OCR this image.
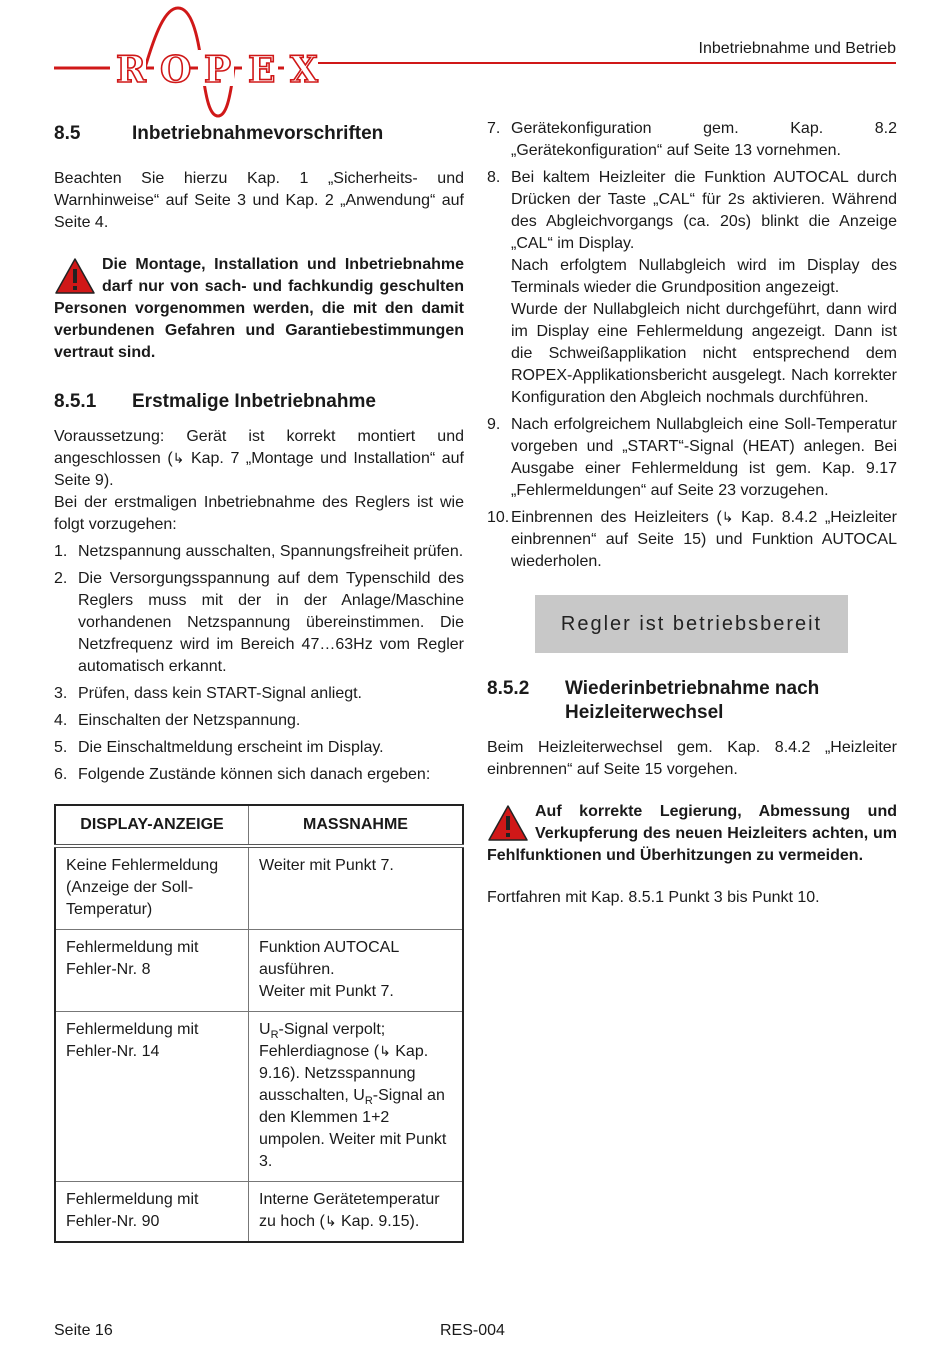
R O P E X
Inbetriebnahme und Betrieb
8.5	Inbetriebnahmevorschriften

Beachten Sie hierzu Kap. 1 „Sicherheits- und Warnhinweise“ auf Seite 3 und Kap. 2 „Anwendung“ auf Seite 4.

Die Montage, Installation und Inbetriebnahme darf nur von sach- und fachkundig geschulten Personen vorgenommen werden, die mit den damit verbundenen Gefahren und Garantiebestimmungen vertraut sind.

8.5.1	Erstmalige Inbetriebnahme

Voraussetzung: Gerät ist korrekt montiert und angeschlossen (↳ Kap. 7 „Montage und Installation“ auf Seite 9).

Bei der erstmaligen Inbetriebnahme des Reglers ist wie folgt vorzugehen:

1. Netzspannung ausschalten, Spannungsfreiheit prüfen.
2. Die Versorgungsspannung auf dem Typenschild des Reglers muss mit der in der Anlage/Maschine vorhandenen Netzspannung übereinstimmen. Die Netzfrequenz wird im Bereich 47…63Hz vom Regler automatisch erkannt.
3. Prüfen, dass kein START-Signal anliegt.
4. Einschalten der Netzspannung.
5. Die Einschaltmeldung erscheint im Display.
6. Folgende Zustände können sich danach ergeben:
DISPLAY-ANZEIGE	MASSNAHME
Keine Fehlermeldung (Anzeige der Soll- Temperatur)	Weiter mit Punkt 7.
Fehlermeldung mit Fehler-Nr. 8	Funktion AUTOCAL ausführen.
Weiter mit Punkt 7.
Fehlermeldung mit Fehler-Nr. 14	$U_R$-Signal verpolt; Fehlerdiagnose (↳ Kap. 9.16). Netzsspannung ausschalten, $U_R$-Signal an den Klemmen 1+2 umpolen. Weiter mit Punkt 3.
Fehlermeldung mit Fehler-Nr. 90	Interne Gerätetemperatur zu hoch (↳ Kap. 9.15).
7. Gerätekonfiguration gem. Kap. 8.2 „Gerätekonfiguration“ auf Seite 13 vornehmen.
8. Bei kaltem Heizleiter die Funktion AUTOCAL durch Drücken der Taste „CAL“ für 2s aktivieren. Während des Abgleichvorgangs (ca. 20s) blinkt die Anzeige „CAL“ im Display.

Nach erfolgtem Nullabgleich wird im Display des Terminals wieder die Grundposition angezeigt.

Wurde der Nullabgleich nicht durchgeführt, dann wird im Display eine Fehlermeldung angezeigt. Dann ist die Schweißapplikation nicht entsprechend dem ROPEX-Applikationsbericht ausgelegt. Nach korrekter Konfiguration den Abgleich nochmals durchführen.

9. Nach erfolgreichem Nullabgleich eine Soll-Temperatur vorgeben und „START“-Signal (HEAT) anlegen. Bei Ausgabe einer Fehlermeldung ist gem. Kap. 9.17 „Fehlermeldungen“ auf Seite 23 vorzugehen.
10. Einbrennen des Heizleiters (↳ Kap. 8.4.2 „Heizleiter einbrennen“ auf Seite 15) und Funktion AUTOCAL wiederholen.
Regler ist betriebsbereit
8.5.2	Wiederinbetriebnahme nach Heizleiterwechsel

Beim Heizleiterwechsel gem. Kap. 8.4.2 „Heizleiter einbrennen“ auf Seite 15 vorgehen.

Auf korrekte Legierung, Abmessung und Verkupferung des neuen Heizleiters achten, um Fehlfunktionen und Überhitzungen zu vermeiden.

Fortfahren mit Kap. 8.5.1 Punkt 3 bis Punkt 10.

Seite 16	RES-004
